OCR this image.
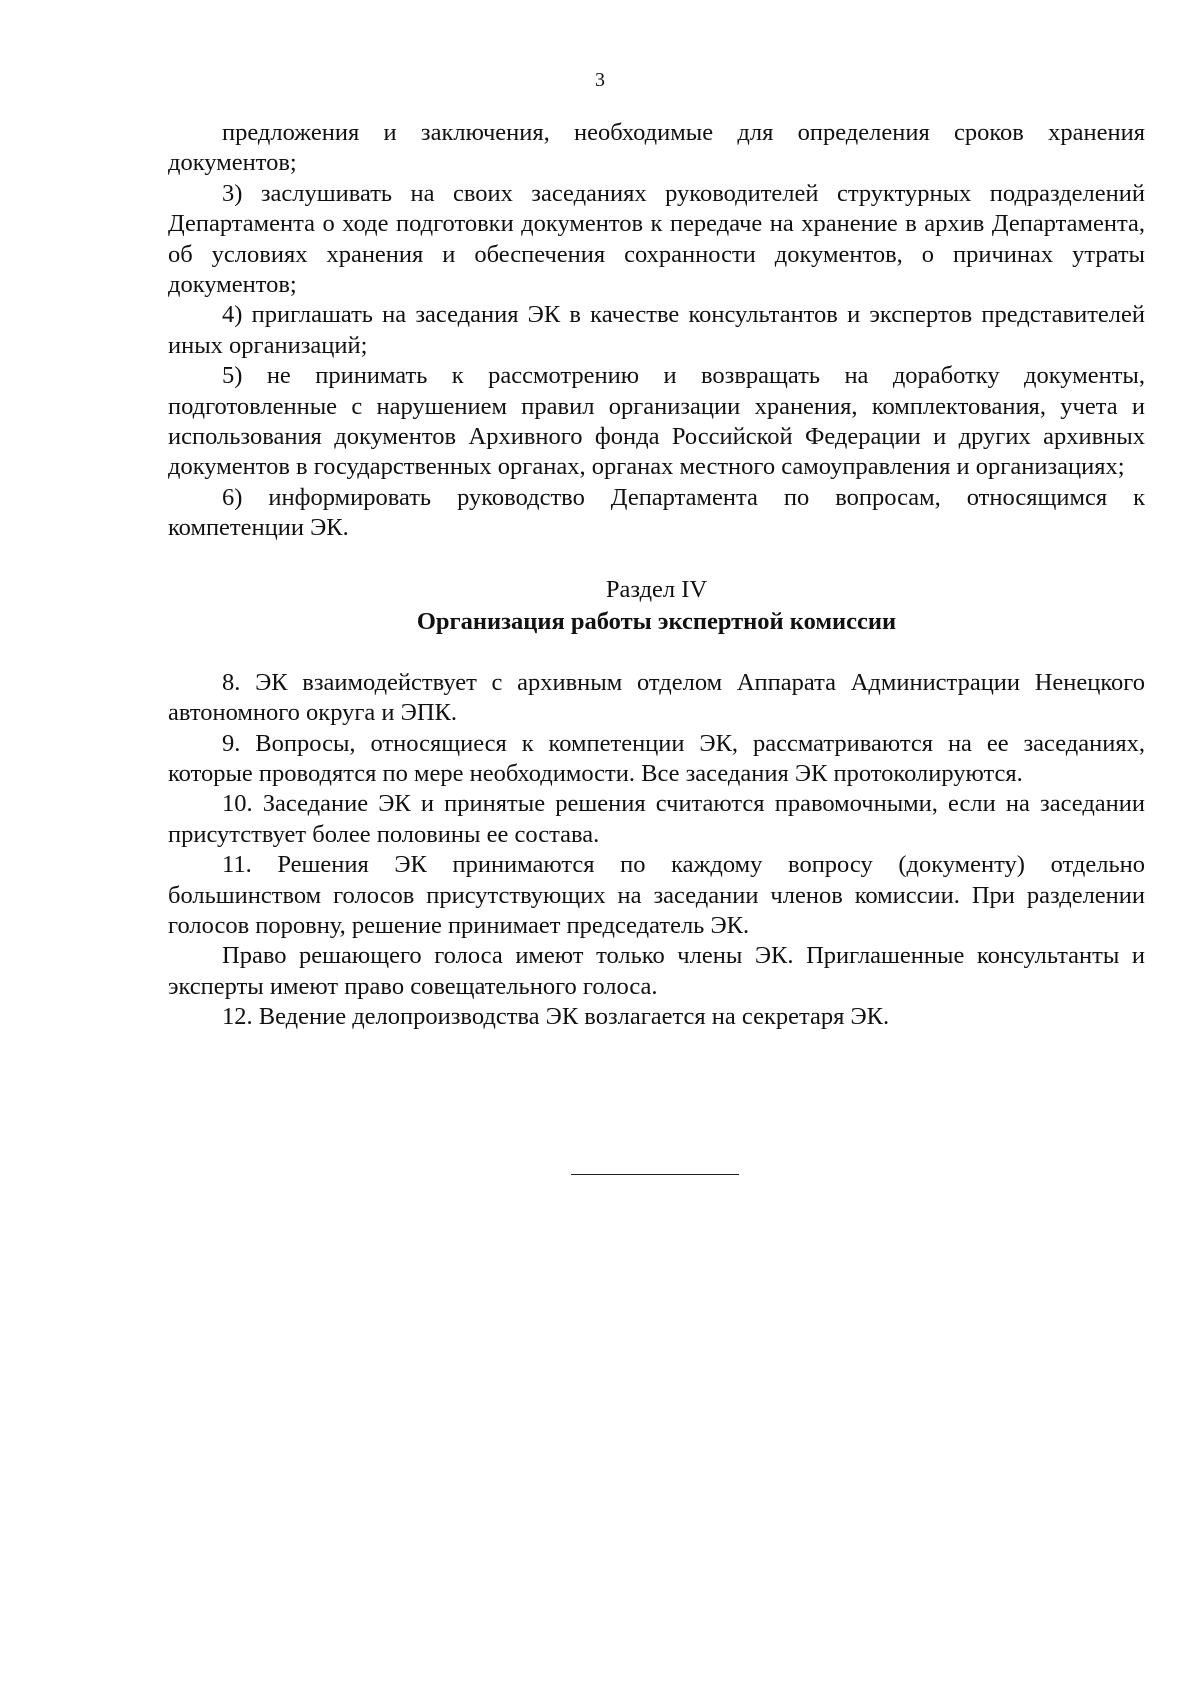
3

предложения и заключения, необходимые для определения сроков хранения документов;

3) заслушивать на своих заседаниях руководителей структурных подразделений Департамента о ходе подготовки документов к передаче на хранение в архив Департамента, об условиях хранения и обеспечения сохранности документов, о причинах утраты документов;

4) приглашать на заседания ЭК в качестве консультантов и экспертов представителей иных организаций;

5) не принимать к рассмотрению и возвращать на доработку документы, подготовленные с нарушением правил организации хранения, комплектования, учета и использования документов Архивного фонда Российской Федерации и других архивных документов в государственных органах, органах местного самоуправления и организациях;

6) информировать руководство Департамента по вопросам, относящимся к компетенции ЭК.

Раздел IV

Организация работы экспертной комиссии

8. ЭК взаимодействует с архивным отделом Аппарата Администрации Ненецкого автономного округа и ЭПК.

9. Вопросы, относящиеся к компетенции ЭК, рассматриваются на ее заседаниях, которые проводятся по мере необходимости. Все заседания ЭК протоколируются.

10. Заседание ЭК и принятые решения считаются правомочными, если на заседании присутствует более половины ее состава.

11. Решения ЭК принимаются по каждому вопросу (документу) отдельно большинством голосов присутствующих на заседании членов комиссии. При разделении голосов поровну, решение принимает председатель ЭК.

Право решающего голоса имеют только члены ЭК. Приглашенные консультанты и эксперты имеют право совещательного голоса.

12. Ведение делопроизводства ЭК возлагается на секретаря ЭК.
